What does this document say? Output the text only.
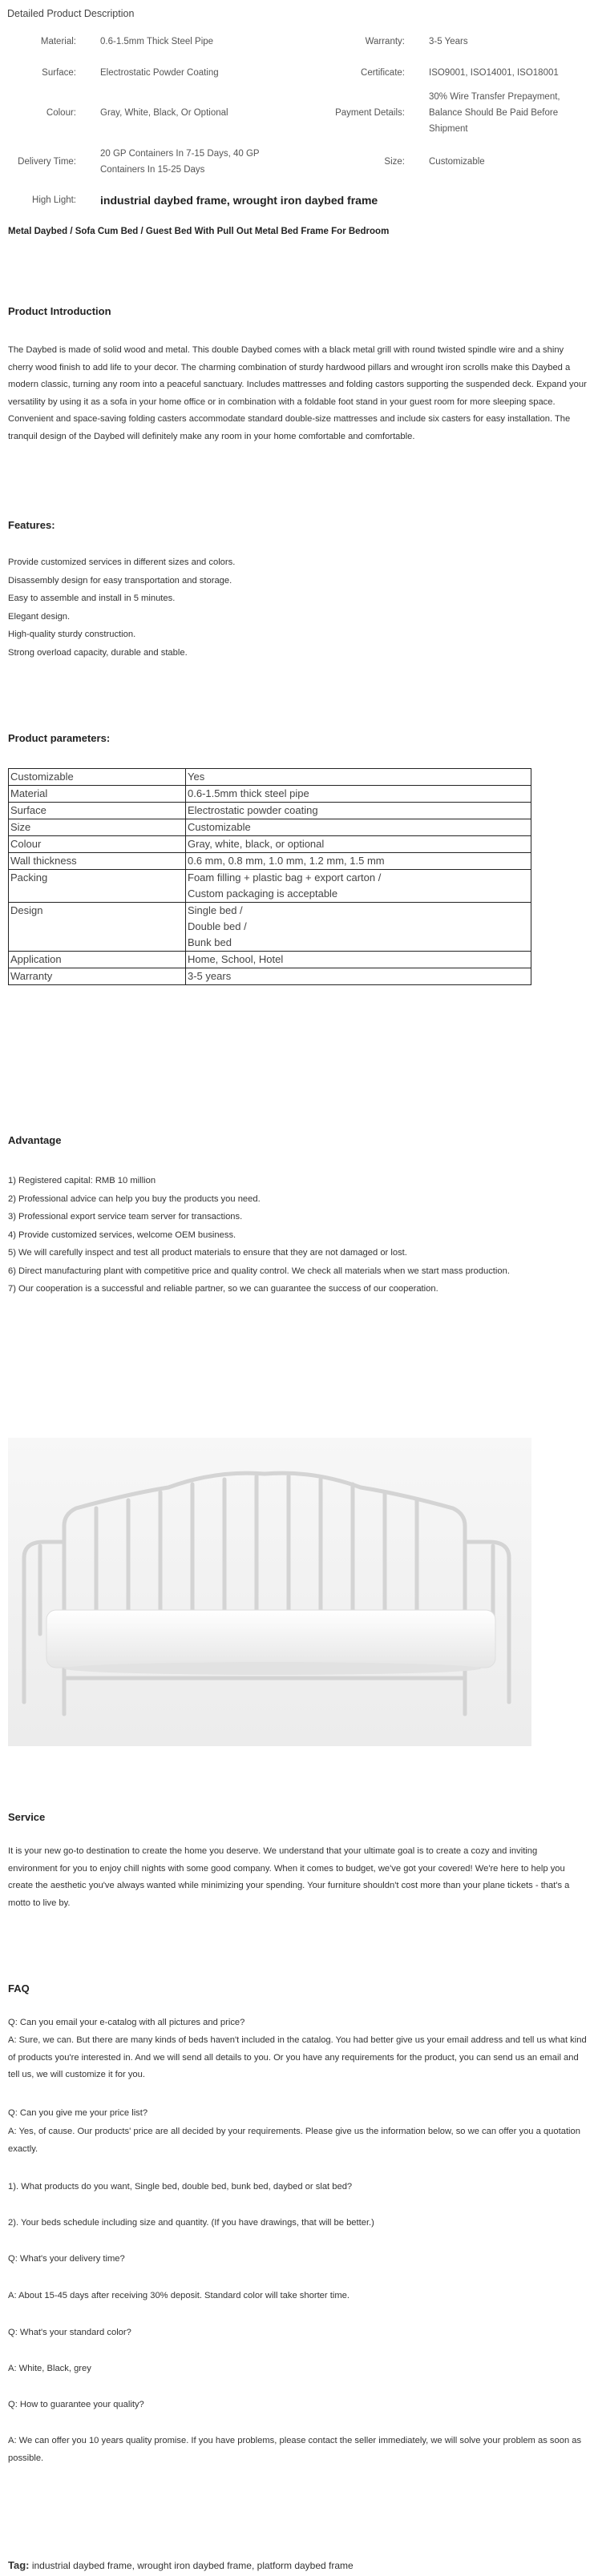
Detailed Product Description
Material:	0.6-1.5mm Thick Steel Pipe	Warranty:	3-5 Years
Surface:	Electrostatic Powder Coating	Certificate:	ISO9001, ISO14001, ISO18001
Colour:	Gray, White, Black, Or Optional	Payment Details:	30% Wire Transfer Prepayment, Balance Should Be Paid Before Shipment
Delivery Time:	20 GP Containers In 7-15 Days, 40 GP Containers In 15-25 Days	Size:	Customizable
High Light:	industrial daybed frame, wrought iron daybed frame		
Metal Daybed / Sofa Cum Bed / Guest Bed With Pull Out Metal Bed Frame For Bedroom
Product Introduction

The Daybed is made of solid wood and metal. This double Daybed comes with a black metal grill with round twisted spindle wire and a shiny cherry wood finish to add life to your decor. The charming combination of sturdy hardwood pillars and wrought iron scrolls make this Daybed a modern classic, turning any room into a peaceful sanctuary. Includes mattresses and folding castors supporting the suspended deck. Expand your versatility by using it as a sofa in your home office or in combination with a foldable foot stand in your guest room for more sleeping space. Convenient and space-saving folding casters accommodate standard double-size mattresses and include six casters for easy installation. The tranquil design of the Daybed will definitely make any room in your home comfortable and comfortable.

Features:
Provide customized services in different sizes and colors.
Disassembly design for easy transportation and storage.
Easy to assemble and install in 5 minutes.
Elegant design.
High-quality sturdy construction.
Strong overload capacity, durable and stable.
Product parameters:
Customizable	Yes
Material	0.6-1.5mm thick steel pipe
Surface	Electrostatic powder coating
Size	Customizable
Colour	Gray, white, black, or optional
Wall thickness	0.6 mm, 0.8 mm, 1.0 mm, 1.2 mm, 1.5 mm
Packing	Foam filling + plastic bag + export carton /
Custom packaging is acceptable

Design	Single bed /
Double bed /
Bunk bed

Application	Home, School, Hotel
Warranty	3-5 years
Advantage
1) Registered capital: RMB 10 million
2) Professional advice can help you buy the products you need.
3) Professional export service team server for transactions.
4) Provide customized services, welcome OEM business.
5) We will carefully inspect and test all product materials to ensure that they are not damaged or lost.
6) Direct manufacturing plant with competitive price and quality control. We check all materials when we start mass production.
7) Our cooperation is a successful and reliable partner, so we can guarantee the success of our cooperation.
Service

It is your new go-to destination to create the home you deserve. We understand that your ultimate goal is to create a cozy and inviting environment for you to enjoy chill nights with some good company. When it comes to budget, we've got your covered! We're here to help you create the aesthetic you've always wanted while minimizing your spending. Your furniture shouldn't cost more than your plane tickets - that's a motto to live by.

FAQ

Q: Can you email your e-catalog with all pictures and price?

A: Sure, we can. But there are many kinds of beds haven't included in the catalog. You had better give us your email address and tell us what kind of products you're interested in. And we will send all details to you. Or you have any requirements for the product, you can send us an email and tell us, we will customize it for you.

Q: Can you give me your price list?

A: Yes, of cause. Our products' price are all decided by your requirements. Please give us the information below, so we can offer you a quotation exactly.

1). What products do you want, Single bed, double bed, bunk bed, daybed or slat bed?

2). Your beds schedule including size and quantity. (If you have drawings, that will be better.)

Q: What's your delivery time?

A: About 15-45 days after receiving 30% deposit. Standard color will take shorter time.

Q: What's your standard color?

A: White, Black, grey

Q: How to guarantee your quality?

A: We can offer you 10 years quality promise. If you have problems, please contact the seller immediately, we will solve your problem as soon as possible.

Tag: industrial daybed frame, wrought iron daybed frame, platform daybed frame
